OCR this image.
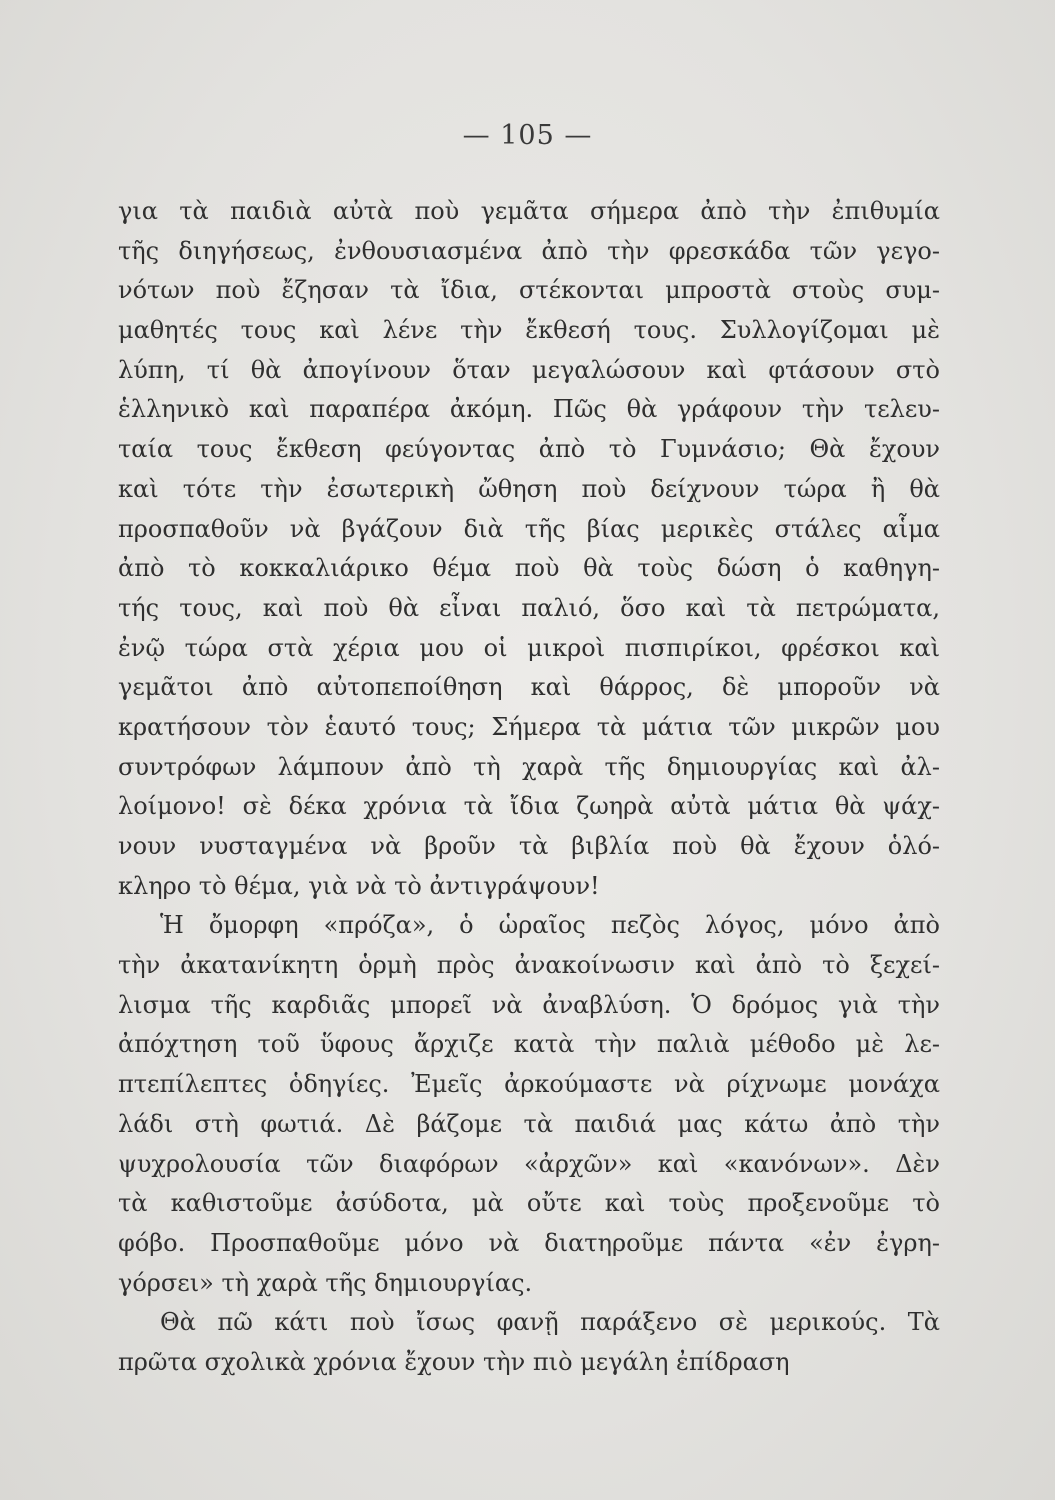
— 105 —
για τὰ παιδιὰ αὐτὰ ποὺ γεμᾶτα σήμερα ἀπὸ τὴν ἐπιθυμία
τῆς διηγήσεως, ἐνθουσιασμένα ἀπὸ τὴν φρεσκάδα τῶν γεγο-
νότων ποὺ ἔζησαν τὰ ἴδια, στέκονται μπροστὰ στοὺς συμ-
μαθητές τους καὶ λένε τὴν ἔκθεσή τους. Συλλογίζομαι μὲ
λύπη, τί θὰ ἀπογίνουν ὅταν μεγαλώσουν καὶ φτάσουν στὸ
ἑλληνικὸ καὶ παραπέρα ἀκόμη. Πῶς θὰ γράφουν τὴν τελευ-
ταία τους ἔκθεση φεύγοντας ἀπὸ τὸ Γυμνάσιο; Θὰ ἔχουν
καὶ τότε τὴν ἐσωτερικὴ ὤθηση ποὺ δείχνουν τώρα ἢ θὰ
προσπαθοῦν νὰ βγάζουν διὰ τῆς βίας μερικὲς στάλες αἷμα
ἀπὸ τὸ κοκκαλιάρικο θέμα ποὺ θὰ τοὺς δώση ὁ καθηγη-
τής τους, καὶ ποὺ θὰ εἶναι παλιό, ὅσο καὶ τὰ πετρώματα,
ἐνῷ τώρα στὰ χέρια μου οἱ μικροὶ πισπιρίκοι, φρέσκοι καὶ
γεμᾶτοι ἀπὸ αὐτοπεποίθηση καὶ θάρρος, δὲ μποροῦν νὰ
κρατήσουν τὸν ἑαυτό τους; Σήμερα τὰ μάτια τῶν μικρῶν μου
συντρόφων λάμπουν ἀπὸ τὴ χαρὰ τῆς δημιουργίας καὶ ἀλ-
λοίμονο! σὲ δέκα χρόνια τὰ ἴδια ζωηρὰ αὐτὰ μάτια θὰ ψάχ-
νουν νυσταγμένα νὰ βροῦν τὰ βιβλία ποὺ θὰ ἔχουν ὁλό-
κληρο τὸ θέμα, γιὰ νὰ τὸ ἀντιγράψουν!
Ἡ ὄμορφη «πρόζα», ὁ ὡραῖος πεζὸς λόγος, μόνο ἀπὸ
τὴν ἀκατανίκητη ὁρμὴ πρὸς ἀνακοίνωσιν καὶ ἀπὸ τὸ ξεχεί-
λισμα τῆς καρδιᾶς μπορεῖ νὰ ἀναβλύση. Ὁ δρόμος γιὰ τὴν
ἀπόχτηση τοῦ ὕφους ἄρχιζε κατὰ τὴν παλιὰ μέθοδο μὲ λε-
πτεπίλεπτες ὁδηγίες. Ἐμεῖς ἀρκούμαστε νὰ ρίχνωμε μονάχα
λάδι στὴ φωτιά. Δὲ βάζομε τὰ παιδιά μας κάτω ἀπὸ τὴν
ψυχρολουσία τῶν διαφόρων «ἀρχῶν» καὶ «κανόνων». Δὲν
τὰ καθιστοῦμε ἀσύδοτα, μὰ οὔτε καὶ τοὺς προξενοῦμε τὸ
φόβο. Προσπαθοῦμε μόνο νὰ διατηροῦμε πάντα «ἐν ἐγρη-
γόρσει» τὴ χαρὰ τῆς δημιουργίας.
Θὰ πῶ κάτι ποὺ ἴσως φανῇ παράξενο σὲ μερικούς. Τὰ
πρῶτα σχολικὰ χρόνια ἔχουν τὴν πιὸ μεγάλη ἐπίδραση
